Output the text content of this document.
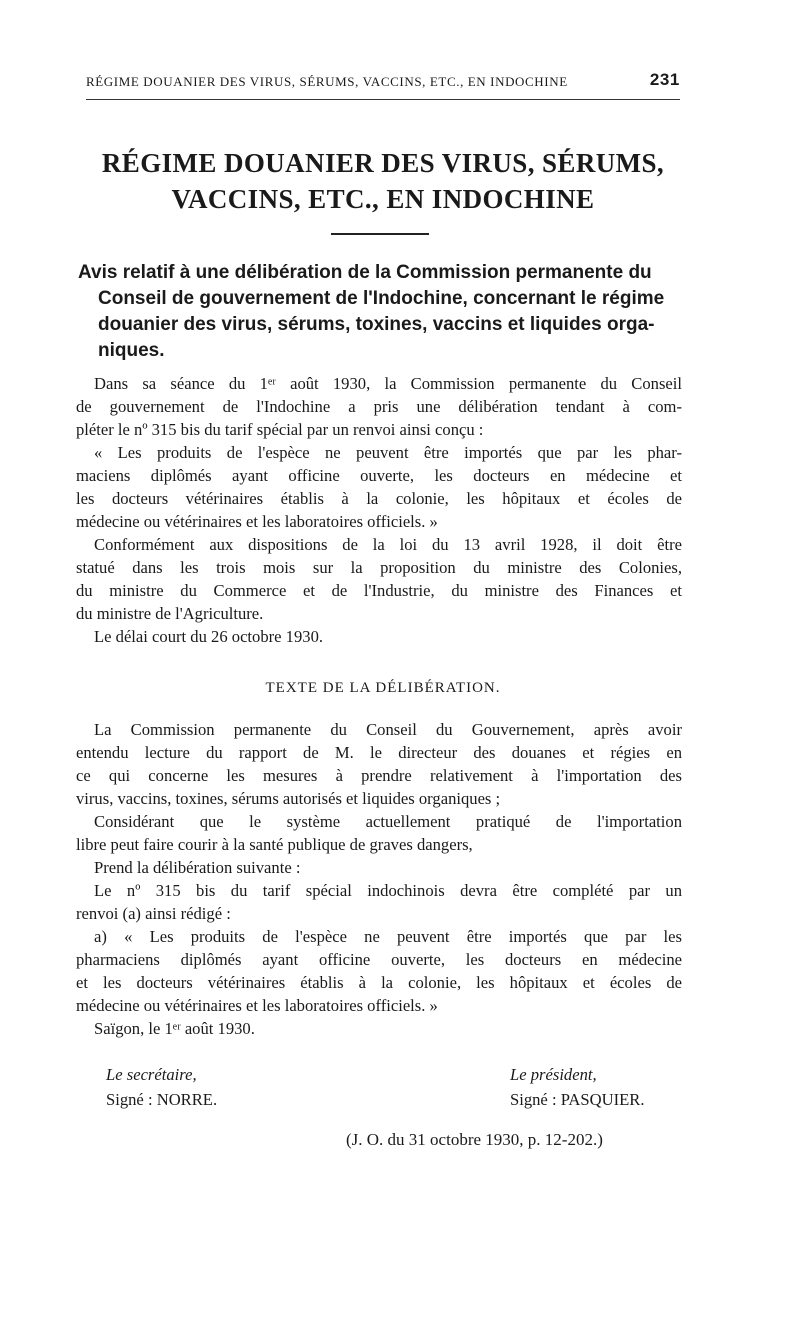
RÉGIME DOUANIER DES VIRUS, SÉRUMS, VACCINS, ETC., EN INDOCHINE	231
RÉGIME DOUANIER DES VIRUS, SÉRUMS,
VACCINS, ETC., EN INDOCHINE
Avis relatif à une délibération de la Commission permanente du
Conseil de gouvernement de l'Indochine, concernant le régime
douanier des virus, sérums, toxines, vaccins et liquides orga-
niques.
Dans sa séance du 1ᵉʳ août 1930, la Commission permanente du Conseil
de gouvernement de l'Indochine a pris une délibération tendant à com-
pléter le nº 315 bis du tarif spécial par un renvoi ainsi conçu :
« Les produits de l'espèce ne peuvent être importés que par les phar-
maciens diplômés ayant officine ouverte, les docteurs en médecine et
les docteurs vétérinaires établis à la colonie, les hôpitaux et écoles de
médecine ou vétérinaires et les laboratoires officiels. »
Conformément aux dispositions de la loi du 13 avril 1928, il doit être
statué dans les trois mois sur la proposition du ministre des Colonies,
du ministre du Commerce et de l'Industrie, du ministre des Finances et
du ministre de l'Agriculture.
Le délai court du 26 octobre 1930.
TEXTE DE LA DÉLIBÉRATION.
La Commission permanente du Conseil du Gouvernement, après avoir
entendu lecture du rapport de M. le directeur des douanes et régies en
ce qui concerne les mesures à prendre relativement à l'importation des
virus, vaccins, toxines, sérums autorisés et liquides organiques ;
Considérant que le système actuellement pratiqué de l'importation
libre peut faire courir à la santé publique de graves dangers,
Prend la délibération suivante :
Le nº 315 bis du tarif spécial indochinois devra être complété par un
renvoi (a) ainsi rédigé :
a) « Les produits de l'espèce ne peuvent être importés que par les
pharmaciens diplômés ayant officine ouverte, les docteurs en médecine
et les docteurs vétérinaires établis à la colonie, les hôpitaux et écoles de
médecine ou vétérinaires et les laboratoires officiels. »
Saïgon, le 1ᵉʳ août 1930.
Le secrétaire,
Signé : NORRE.
Le président,
Signé : PASQUIER.
(J. O. du 31 octobre 1930, p. 12-202.)
